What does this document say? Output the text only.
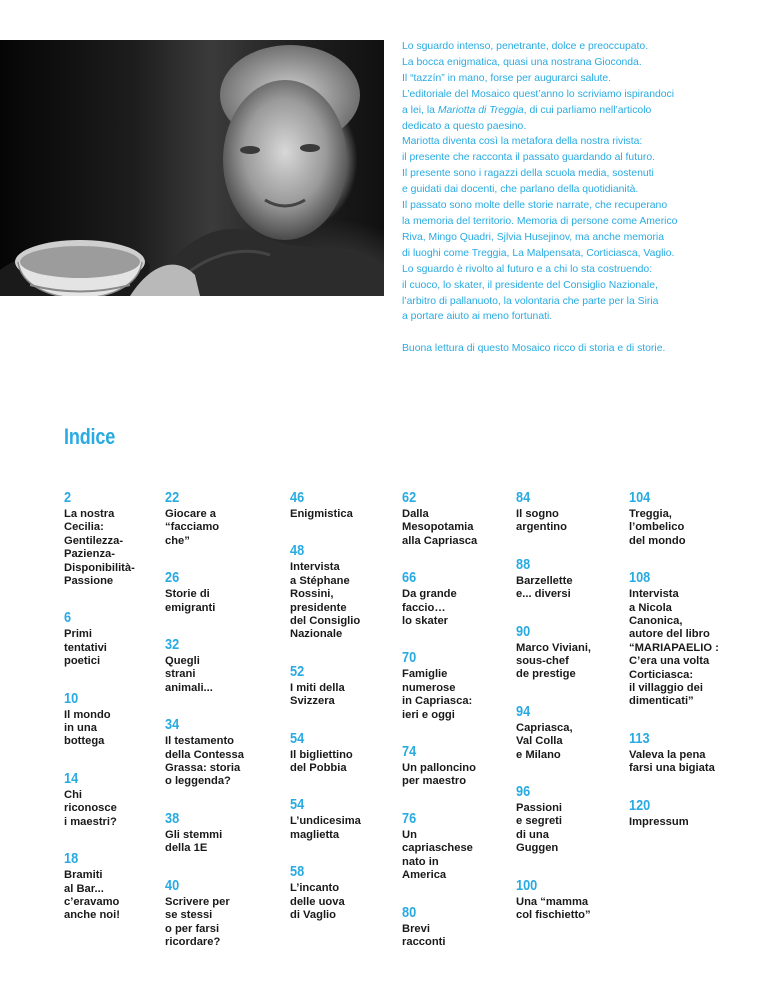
Lo sguardo intenso, penetrante, dolce e preoccupato.
La bocca enigmatica, quasi una nostrana Gioconda.
Il “tazzín” in mano, forse per augurarci salute.
L’editoriale del Mosaico quest’anno lo scriviamo ispirandoci
a lei, la Mariotta di Treggia, di cui parliamo nell’articolo
dedicato a questo paesino.
Mariotta diventa così la metafora della nostra rivista:
il presente che racconta il passato guardando al futuro.
Il presente sono i ragazzi della scuola media, sostenuti
e guidati dai docenti, che parlano della quotidianità.
Il passato sono molte delle storie narrate, che recuperano
la memoria del territorio. Memoria di persone come Americo
Riva, Mingo Quadri, Sjlvia Husejinov, ma anche memoria
di luoghi come Treggia, La Malpensata, Corticiasca, Vaglio.
Lo sguardo è rivolto al futuro e a chi lo sta costruendo:
il cuoco, lo skater, il presidente del Consiglio Nazionale,
l’arbitro di pallanuoto, la volontaria che parte per la Siria
a portare aiuto ai meno fortunati.

Buona lettura di questo Mosaico ricco di storia e di storie.

Indice
2
La nostra
Cecilia:
Gentilezza-
Pazienza-
Disponibilità-
Passione
6
Primi
tentativi
poetici
10
Il mondo
in una
bottega
14
Chi
riconosce
i maestri?
18
Bramiti
al Bar...
c’eravamo
anche noi!
22
Giocare a
“facciamo
che”
26
Storie di
emigranti
32
Quegli
strani
animali...
34
Il testamento
della Contessa
Grassa: storia
o leggenda?
38
Gli stemmi
della 1E
40
Scrivere per
se stessi
o per farsi
ricordare?
46
Enigmistica
48
Intervista
a Stéphane
Rossini,
presidente
del Consiglio
Nazionale
52
I miti della
Svizzera
54
Il bigliettino
del Pobbia
54
L’undicesima
maglietta
58
L’incanto
delle uova
di Vaglio
62
Dalla
Mesopotamia
alla Capriasca
66
Da grande
faccio…
lo skater
70
Famiglie
numerose
in Capriasca:
ieri e oggi
74
Un palloncino
per maestro
76
Un
capriaschese
nato in
America
80
Brevi
racconti
84
Il sogno
argentino
88
Barzellette
e... diversi
90
Marco Viviani,
sous-chef
de prestige
94
Capriasca,
Val Colla
e Milano
96
Passioni
e segreti
di una
Guggen
100
Una “mamma
col fischietto”
104
Treggia,
l’ombelico
del mondo
108
Intervista
a Nicola
Canonica,
autore del libro
“MARIAPAELIO :
C’era una volta
Corticiasca:
il villaggio dei
dimenticati”
113
Valeva la pena
farsi una bigiata
120
Impressum
